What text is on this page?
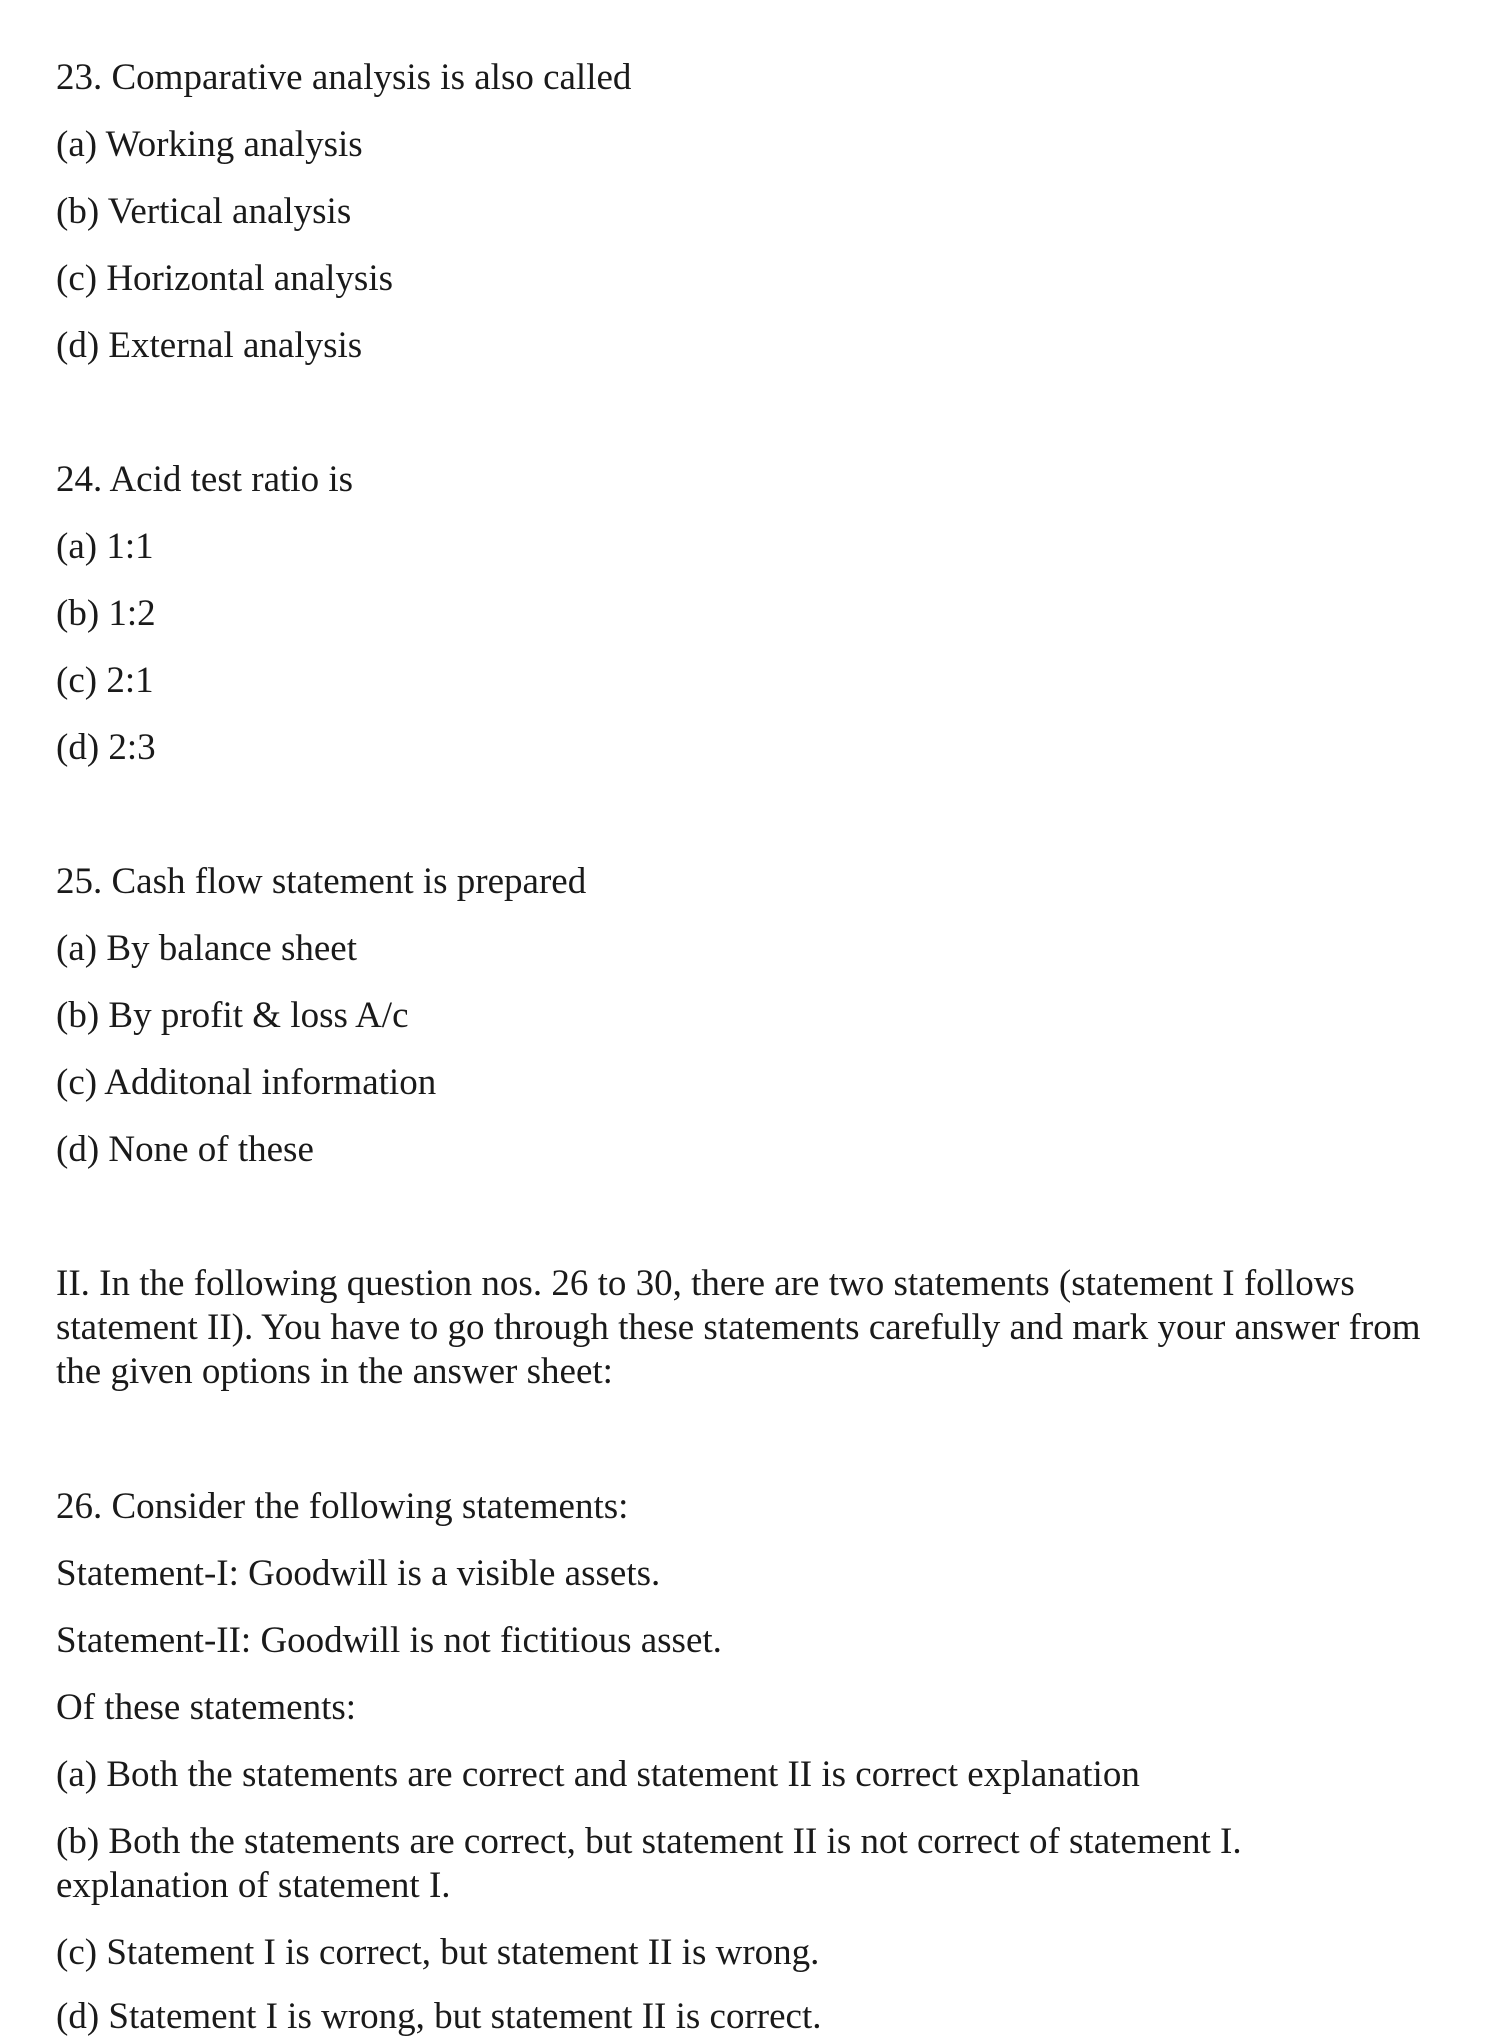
23. Comparative analysis is also called
(a) Working analysis
(b) Vertical analysis
(c) Horizontal analysis
(d) External analysis
24. Acid test ratio is
(a) 1:1
(b) 1:2
(c) 2:1
(d) 2:3
25. Cash flow statement is prepared
(a) By balance sheet
(b) By profit & loss A/c
(c) Additonal information
(d) None of these
II. In the following question nos. 26 to 30, there are two statements (statement I follows statement II). You have to go through these statements carefully and mark your answer from the given options in the answer sheet:
26. Consider the following statements:
Statement-I: Goodwill is a visible assets.
Statement-II: Goodwill is not fictitious asset.
Of these statements:
(a) Both the statements are correct and statement II is correct explanation
(b) Both the statements are correct, but statement II is not correct of statement I. explanation of statement I.
(c) Statement I is correct, but statement II is wrong.
(d) Statement I is wrong, but statement II is correct.
